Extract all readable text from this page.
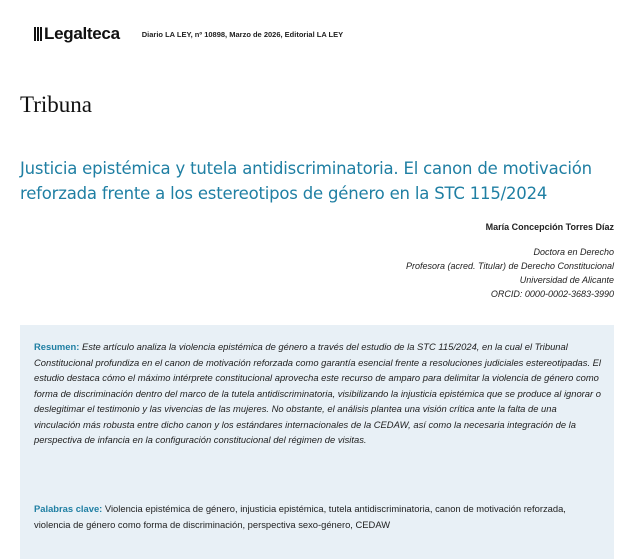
Legalteca	Diario LA LEY, nº 10898, Marzo de 2026, Editorial LA LEY
Tribuna
Justicia epistémica y tutela antidiscriminatoria. El canon de motivación reforzada frente a los estereotipos de género en la STC 115/2024
María Concepción Torres Díaz
Doctora en Derecho
Profesora (acred. Titular) de Derecho Constitucional
Universidad de Alicante
ORCID: 0000-0002-3683-3990
Resumen: Este artículo analiza la violencia epistémica de género a través del estudio de la STC 115/2024, en la cual el Tribunal Constitucional profundiza en el canon de motivación reforzada como garantía esencial frente a resoluciones judiciales estereotipadas. El estudio destaca cómo el máximo intérprete constitucional aprovecha este recurso de amparo para delimitar la violencia de género como forma de discriminación dentro del marco de la tutela antidiscriminatoria, visibilizando la injusticia epistémica que se produce al ignorar o deslegitimar el testimonio y las vivencias de las mujeres. No obstante, el análisis plantea una visión crítica ante la falta de una vinculación más robusta entre dicho canon y los estándares internacionales de la CEDAW, así como la necesaria integración de la perspectiva de infancia en la configuración constitucional del régimen de visitas.
Palabras clave: Violencia epistémica de género, injusticia epistémica, tutela antidiscriminatoria, canon de motivación reforzada, violencia de género como forma de discriminación, perspectiva sexo-género, CEDAW
